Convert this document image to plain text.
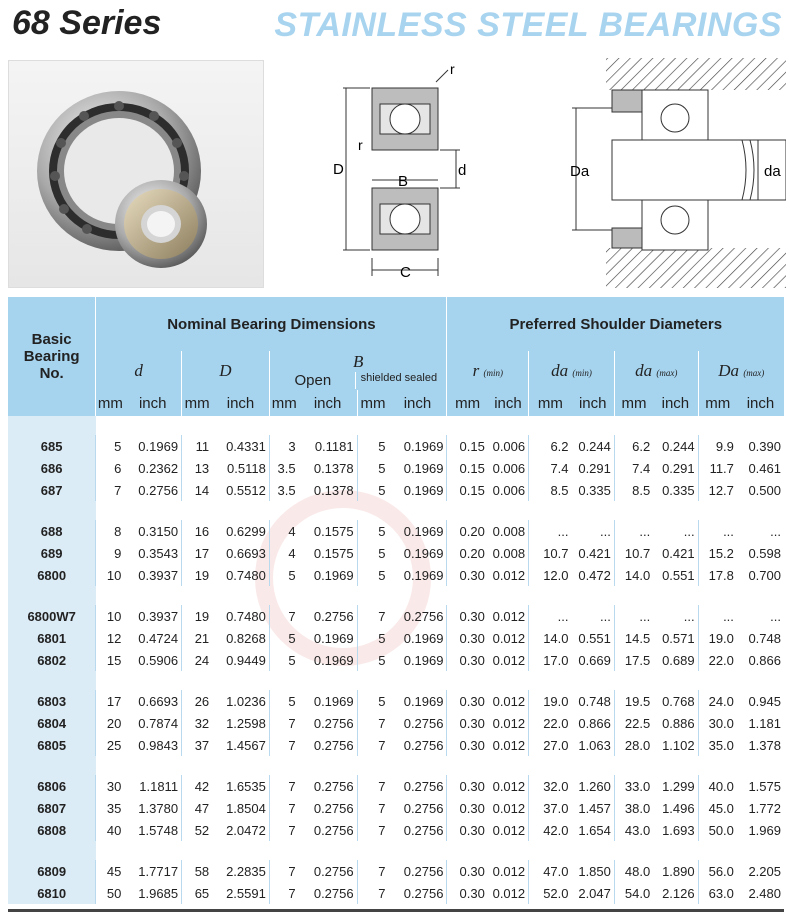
68 Series	STAINLESS STEEL BEARINGS
D	d
B
C
r
r
Da	da
Basic
Bearing
No.	Nominal Bearing Dimensions								Preferred Shoulder Diameters							
	d		D		B
Open shielded sealed				r (min)		da (min)		da (max)		Da (max)	
	mm	inch	mm	inch	mm	inch	mm	inch	mm	inch	mm	inch	mm	inch	mm	inch

685	5	0.1969	11	0.4331	3	0.1181	5	0.1969	0.15	0.006	6.2	0.244	6.2	0.244	9.9	0.390
686	6	0.2362	13	0.5118	3.5	0.1378	5	0.1969	0.15	0.006	7.4	0.291	7.4	0.291	11.7	0.461
687	7	0.2756	14	0.5512	3.5	0.1378	5	0.1969	0.15	0.006	8.5	0.335	8.5	0.335	12.7	0.500

688	8	0.3150	16	0.6299	4	0.1575	5	0.1969	0.20	0.008	...	...	...	...	...	...
689	9	0.3543	17	0.6693	4	0.1575	5	0.1969	0.20	0.008	10.7	0.421	10.7	0.421	15.2	0.598
6800	10	0.3937	19	0.7480	5	0.1969	5	0.1969	0.30	0.012	12.0	0.472	14.0	0.551	17.8	0.700

6800W7	10	0.3937	19	0.7480	7	0.2756	7	0.2756	0.30	0.012	...	...	...	...	...	...
6801	12	0.4724	21	0.8268	5	0.1969	5	0.1969	0.30	0.012	14.0	0.551	14.5	0.571	19.0	0.748
6802	15	0.5906	24	0.9449	5	0.1969	5	0.1969	0.30	0.012	17.0	0.669	17.5	0.689	22.0	0.866

6803	17	0.6693	26	1.0236	5	0.1969	5	0.1969	0.30	0.012	19.0	0.748	19.5	0.768	24.0	0.945
6804	20	0.7874	32	1.2598	7	0.2756	7	0.2756	0.30	0.012	22.0	0.866	22.5	0.886	30.0	1.181
6805	25	0.9843	37	1.4567	7	0.2756	7	0.2756	0.30	0.012	27.0	1.063	28.0	1.102	35.0	1.378

6806	30	1.1811	42	1.6535	7	0.2756	7	0.2756	0.30	0.012	32.0	1.260	33.0	1.299	40.0	1.575
6807	35	1.3780	47	1.8504	7	0.2756	7	0.2756	0.30	0.012	37.0	1.457	38.0	1.496	45.0	1.772
6808	40	1.5748	52	2.0472	7	0.2756	7	0.2756	0.30	0.012	42.0	1.654	43.0	1.693	50.0	1.969

6809	45	1.7717	58	2.2835	7	0.2756	7	0.2756	0.30	0.012	47.0	1.850	48.0	1.890	56.0	2.205
6810	50	1.9685	65	2.5591	7	0.2756	7	0.2756	0.30	0.012	52.0	2.047	54.0	2.126	63.0	2.480
